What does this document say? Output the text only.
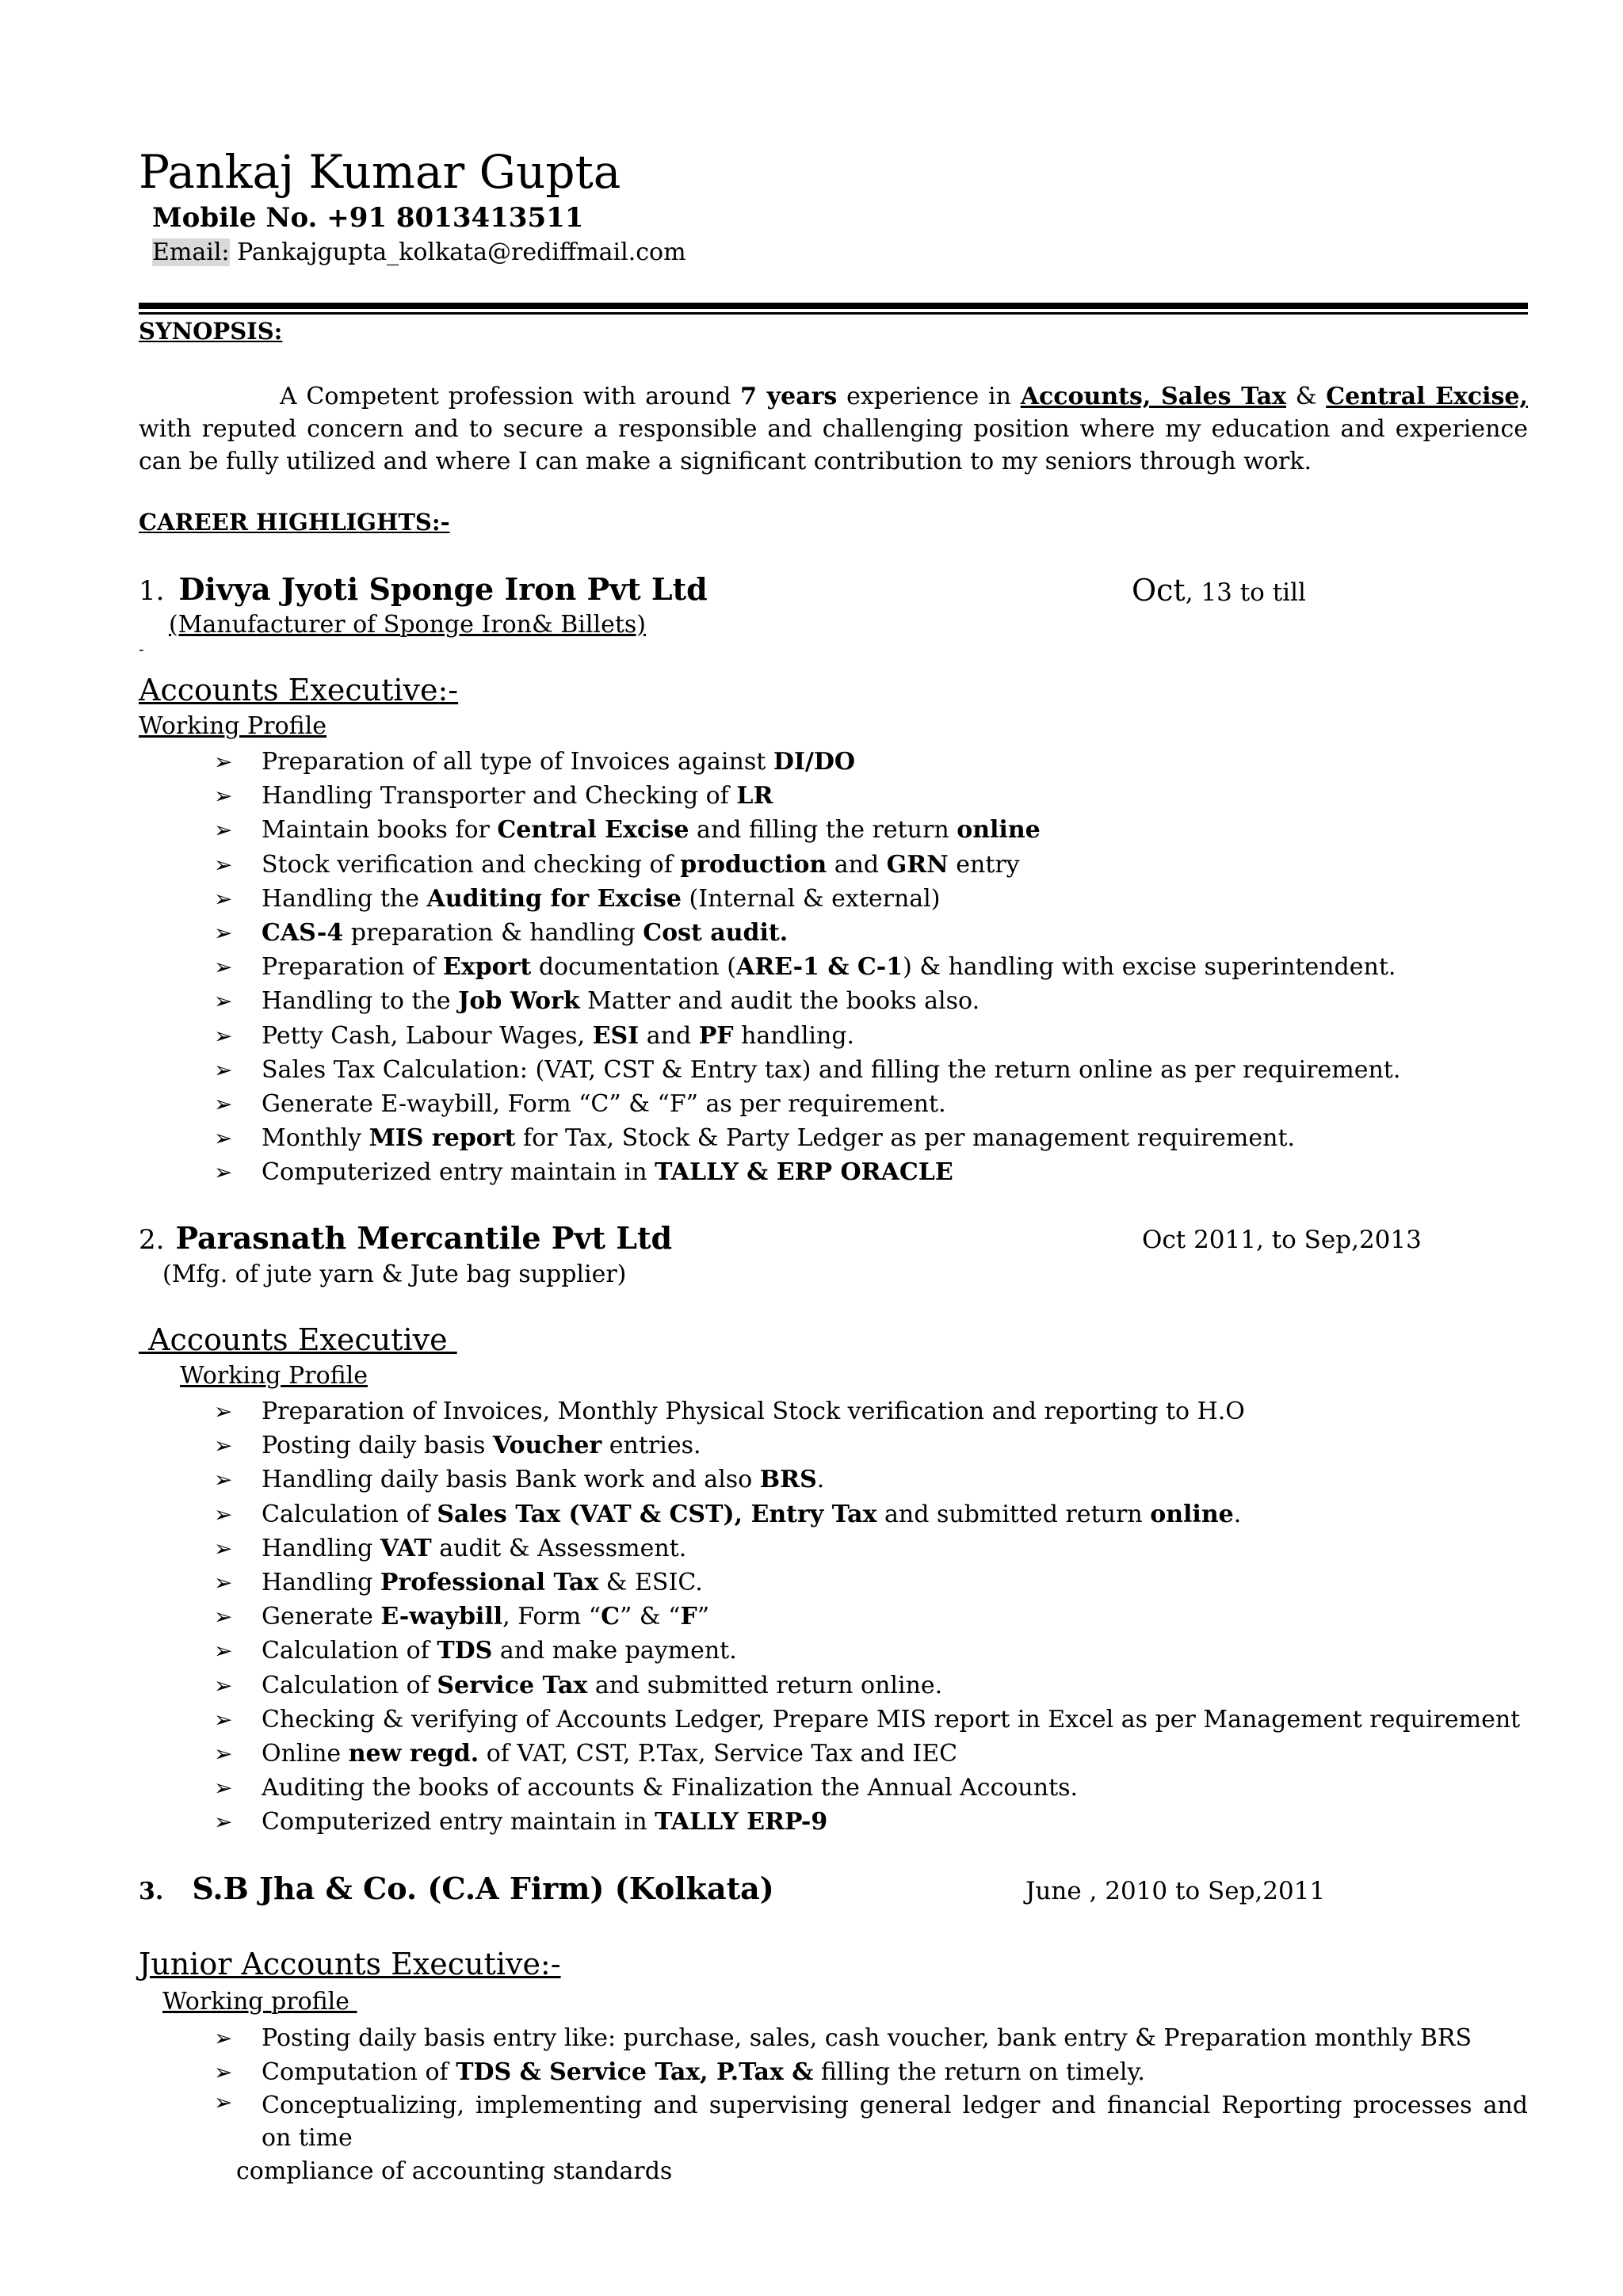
Pankaj Kumar Gupta
Mobile No. +91 8013413511
Email: Pankajgupta_kolkata@rediffmail.com
SYNOPSIS:
A Competent profession with around 7 years experience in Accounts, Sales Tax & Central Excise, with reputed concern and to secure a responsible and challenging position where my education and experience can be fully utilized and where I can make a significant contribution to my seniors through work.
CAREER HIGHLIGHTS:-
1. Divya Jyoti Sponge Iron Pvt Ltd	Oct, 13 to till
(Manufacturer of Sponge Iron& Billets)
-
Accounts Executive:-
Working Profile
➢ Preparation of all type of Invoices against DI/DO
➢ Handling Transporter and Checking of LR
➢ Maintain books for Central Excise and filling the return online
➢ Stock verification and checking of production and GRN entry
➢ Handling the Auditing for Excise (Internal & external)
➢ CAS-4 preparation & handling Cost audit.
➢ Preparation of Export documentation (ARE-1 & C-1) & handling with excise superintendent.
➢ Handling to the Job Work Matter and audit the books also.
➢ Petty Cash, Labour Wages, ESI and PF handling.
➢ Sales Tax Calculation: (VAT, CST & Entry tax) and filling the return online as per requirement.
➢ Generate E-waybill, Form “C” & “F” as per requirement.
➢ Monthly MIS report for Tax, Stock & Party Ledger as per management requirement.
➢ Computerized entry maintain in TALLY & ERP ORACLE
2. Parasnath Mercantile Pvt Ltd	Oct 2011, to Sep,2013
(Mfg. of jute yarn & Jute bag supplier)
Accounts Executive
Working Profile
➢ Preparation of Invoices, Monthly Physical Stock verification and reporting to H.O
➢ Posting daily basis Voucher entries.
➢ Handling daily basis Bank work and also BRS.
➢ Calculation of Sales Tax (VAT & CST), Entry Tax and submitted return online.
➢ Handling VAT audit & Assessment.
➢ Handling Professional Tax & ESIC.
➢ Generate E-waybill, Form “C” & “F”
➢ Calculation of TDS and make payment.
➢ Calculation of Service Tax and submitted return online.
➢ Checking & verifying of Accounts Ledger, Prepare MIS report in Excel as per Management requirement
➢ Online new regd. of VAT, CST, P.Tax, Service Tax and IEC
➢ Auditing the books of accounts & Finalization the Annual Accounts.
➢ Computerized entry maintain in TALLY ERP-9
3. S.B Jha & Co. (C.A Firm) (Kolkata)	June , 2010 to Sep,2011
Junior Accounts Executive:-
Working profile
➢ Posting daily basis entry like: purchase, sales, cash voucher, bank entry & Preparation monthly BRS
➢ Computation of TDS & Service Tax, P.Tax & filling the return on timely.
➢ Conceptualizing, implementing and supervising general ledger and financial Reporting processes and on time
compliance of accounting standards
